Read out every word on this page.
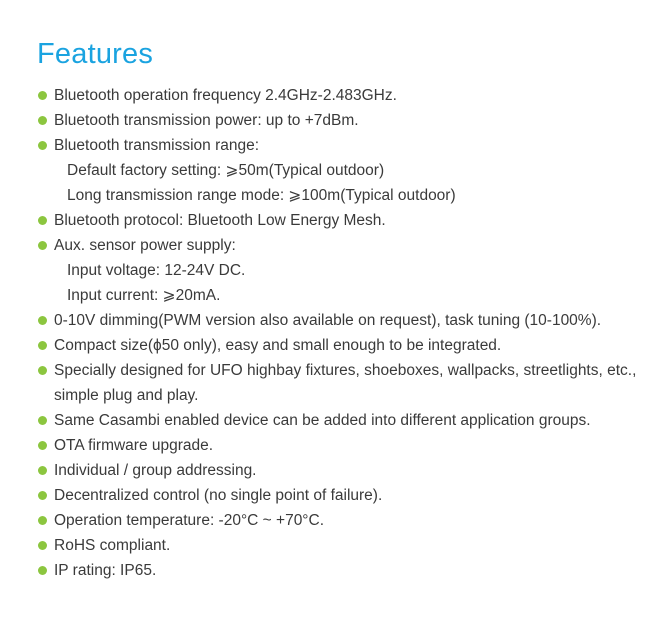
Features
Bluetooth operation frequency 2.4GHz-2.483GHz.
Bluetooth transmission power: up to +7dBm.
Bluetooth transmission range:
Default factory setting: ⩾50m(Typical outdoor)
Long transmission range mode: ⩾100m(Typical outdoor)
Bluetooth protocol: Bluetooth Low Energy Mesh.
Aux. sensor power supply:
Input voltage: 12-24V DC.
Input current: ⩾20mA.
0-10V dimming(PWM version also available on request), task tuning (10-100%).
Compact size(ϕ50 only), easy and small enough to be integrated.
Specially designed for UFO highbay fixtures, shoeboxes, wallpacks, streetlights, etc., simple plug and play.
Same Casambi enabled device can be added into different application groups.
OTA firmware upgrade.
Individual / group addressing.
Decentralized control (no single point of failure).
Operation temperature: -20°C ~ +70°C.
RoHS compliant.
IP rating: IP65.
